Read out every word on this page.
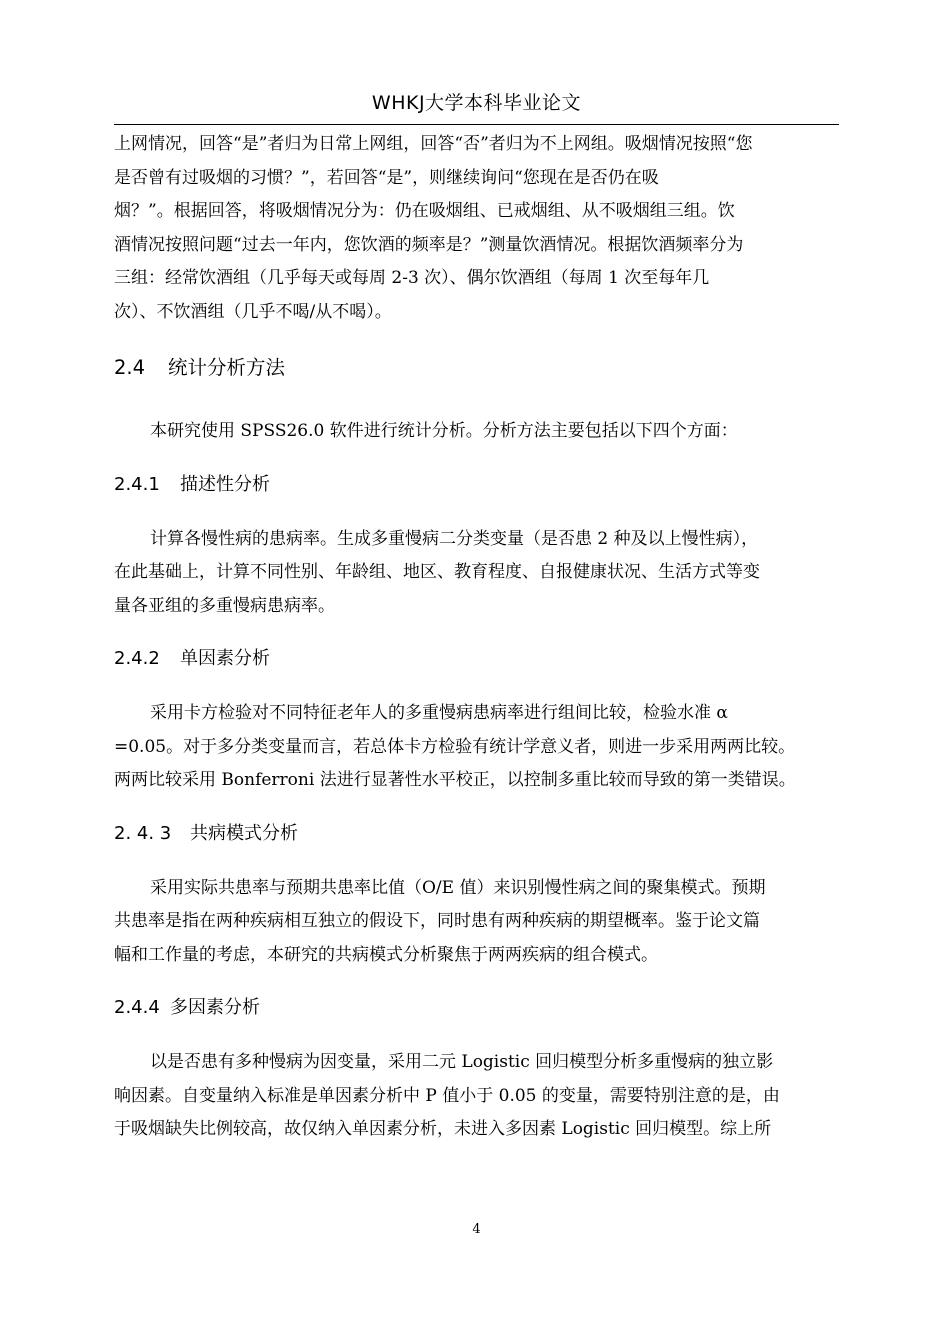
WHKJ大学本科毕业论文
上网情况，回答“是”者归为日常上网组，回答“否”者归为不上网组。吸烟情况按照“您
是否曾有过吸烟的习惯？”，若回答“是”，则继续询问“您现在是否仍在吸
烟？”。根据回答，将吸烟情况分为：仍在吸烟组、已戒烟组、从不吸烟组三组。饮
酒情况按照问题“过去一年内，您饮酒的频率是？”测量饮酒情况。根据饮酒频率分为
三组：经常饮酒组（几乎每天或每周 2-3 次）、偶尔饮酒组（每周 1 次至每年几
次）、不饮酒组（几乎不喝/从不喝）。
2.4 统计分析方法
本研究使用 SPSS26.0 软件进行统计分析。分析方法主要包括以下四个方面：
2.4.1 描述性分析
计算各慢性病的患病率。生成多重慢病二分类变量（是否患 2 种及以上慢性病），
在此基础上，计算不同性别、年龄组、地区、教育程度、自报健康状况、生活方式等变
量各亚组的多重慢病患病率。
2.4.2 单因素分析
采用卡方检验对不同特征老年人的多重慢病患病率进行组间比较，检验水准 α
=0.05。对于多分类变量而言，若总体卡方检验有统计学意义者，则进一步采用两两比较。
两两比较采用 Bonferroni 法进行显著性水平校正，以控制多重比较而导致的第一类错误。
2. 4. 3 共病模式分析
采用实际共患率与预期共患率比值（O/E 值）来识别慢性病之间的聚集模式。预期
共患率是指在两种疾病相互独立的假设下，同时患有两种疾病的期望概率。鉴于论文篇
幅和工作量的考虑，本研究的共病模式分析聚焦于两两疾病的组合模式。
2.4.4 多因素分析
以是否患有多种慢病为因变量，采用二元 Logistic 回归模型分析多重慢病的独立影
响因素。自变量纳入标准是单因素分析中 P 值小于 0.05 的变量，需要特别注意的是，由
于吸烟缺失比例较高，故仅纳入单因素分析，未进入多因素 Logistic 回归模型。综上所
4
